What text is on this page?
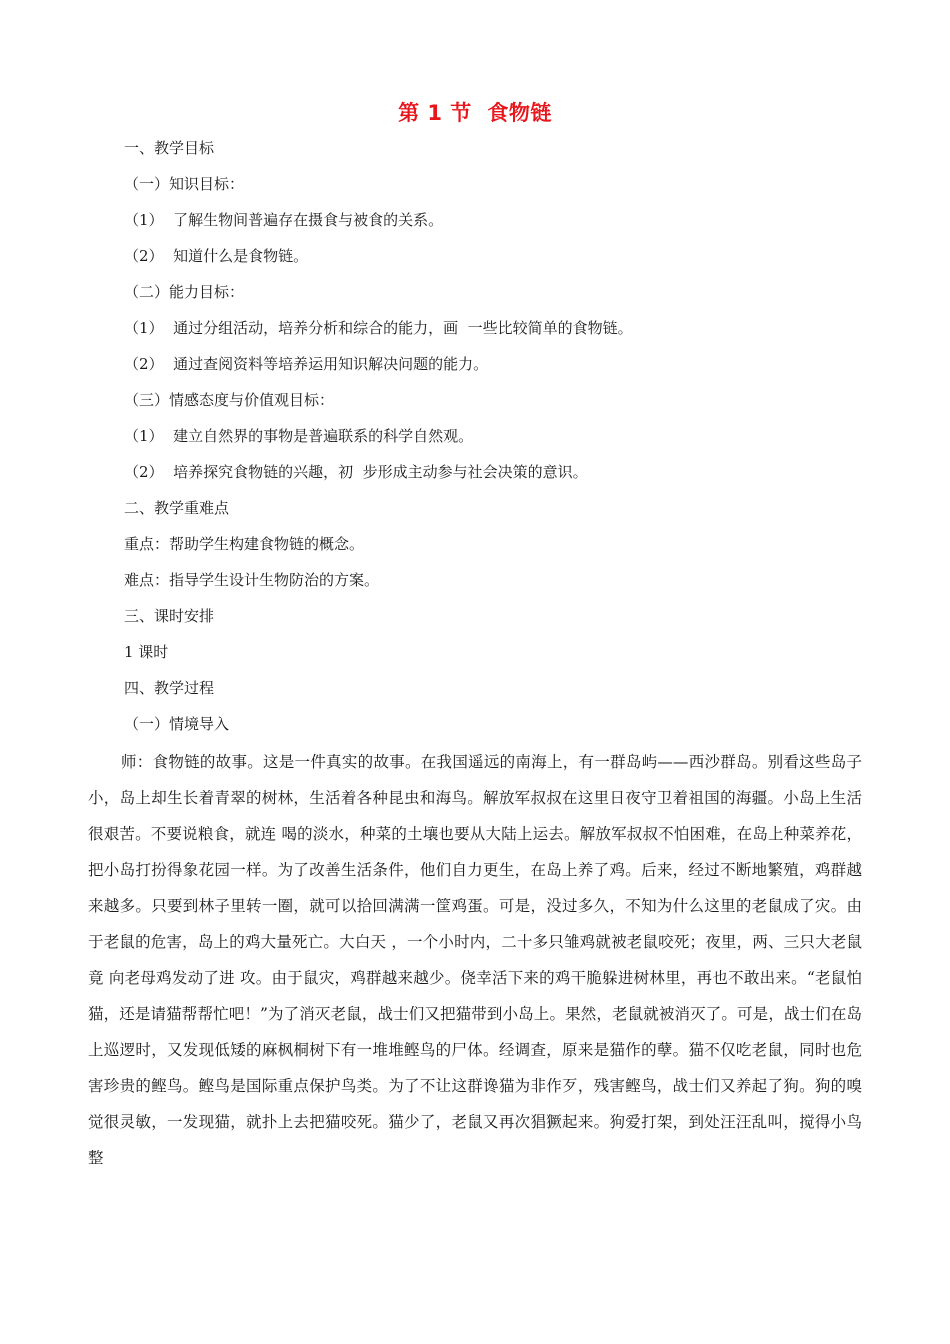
第 1 节  食物链
一、教学目标
（一）知识目标：
（1）  了解生物间普遍存在摄食与被食的关系。
（2）  知道什么是食物链。
（二）能力目标：
（1）  通过分组活动，培养分析和综合的能力，画  一些比较简单的食物链。
（2）  通过查阅资料等培养运用知识解决问题的能力。
（三）情感态度与价值观目标：
（1）  建立自然界的事物是普遍联系的科学自然观。
（2）  培养探究食物链的兴趣，初  步形成主动参与社会决策的意识。
二、教学重难点
重点：帮助学生构建食物链的概念。
难点：指导学生设计生物防治的方案。
三、课时安排
1 课时
四、教学过程
（一）情境导入

师：食物链的故事。这是一件真实的故事。在我国遥远的南海上，有一群岛屿——西沙群岛。别看这些岛子小，岛上却生长着青翠的树林，生活着各种昆虫和海鸟。解放军叔叔在这里日夜守卫着祖国的海疆。小岛上生活很艰苦。不要说粮食，就连 喝的淡水，种菜的土壤也要从大陆上运去。解放军叔叔不怕困难，在岛上种菜养花，把小岛打扮得象花园一样。为了改善生活条件，他们自力更生，在岛上养了鸡。后来，经过不断地繁殖，鸡群越来越多。只要到林子里转一圈，就可以拾回满满一筐鸡蛋。可是，没过多久，不知为什么这里的老鼠成了灾。由于老鼠的危害，岛上的鸡大量死亡。大白天 ，一个小时内，二十多只雏鸡就被老鼠咬死；夜里，两、三只大老鼠竟 向老母鸡发动了进 攻。由于鼠灾，鸡群越来越少。侥幸活下来的鸡干脆躲进树林里，再也不敢出来。“老鼠怕猫，还是请猫帮帮忙吧！”为了消灭老鼠，战士们又把猫带到小岛上。果然，老鼠就被消灭了。可是，战士们在岛上巡逻时，又发现低矮的麻枫桐树下有一堆堆鲣鸟的尸体。经调查，原来是猫作的孽。猫不仅吃老鼠，同时也危害珍贵的鲣鸟。鲣鸟是国际重点保护鸟类。为了不让这群谗猫为非作歹，残害鲣鸟，战士们又养起了狗。狗的嗅觉很灵敏，一发现猫，就扑上去把猫咬死。猫少了，老鼠又再次猖獗起来。狗爱打架，到处汪汪乱叫，搅得小鸟整
